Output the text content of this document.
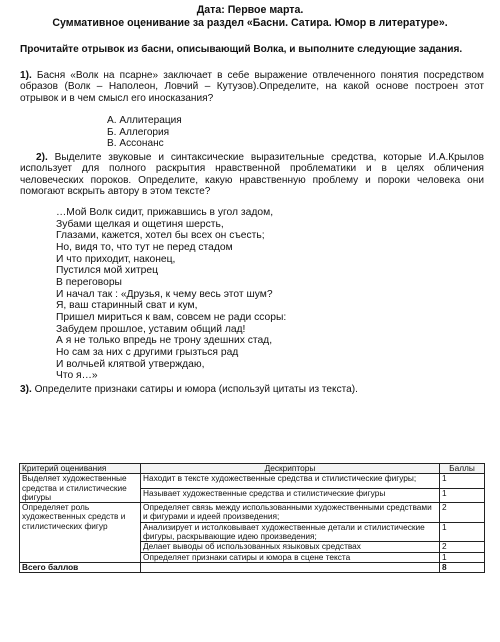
Дата: Первое марта.
Суммативное оценивание за раздел «Басни. Сатира. Юмор в литературе».
Прочитайте отрывок из басни, описывающий Волка, и выполните следующие задания.
1). Басня «Волк на псарне» заключает в себе выражение отвлеченного понятия посредством образов (Волк – Наполеон, Ловчий – Кутузов).Определите, на какой основе построен этот отрывок и в чем смысл его иносказания?
А. Аллитерация
Б. Аллегория
В. Ассонанс
2). Выделите звуковые и синтаксические выразительные средства, которые И.А.Крылов использует для полного раскрытия нравственной проблематики и в целях обличения человеческих пороков. Определите, какую нравственную проблему и пороки человека они помогают вскрыть автору в этом тексте?
…Мой Волк сидит, прижавшись в угол задом,
Зубами щелкая и ощетиня шерсть,
Глазами, кажется, хотел бы всех он съесть;
Но, видя то, что тут не перед стадом
И что приходит, наконец,
Пустился мой хитрец
В переговоры
И начал так : «Друзья, к чему весь этот шум?
Я, ваш старинный сват и кум,
Пришел мириться к вам, совсем не ради ссоры:
Забудем прошлое, уставим общий лад!
А я не только впредь не трону здешних стад,
Но сам за них с другими грызться рад
И волчьей клятвой утверждаю,
Что я…»
3). Определите признаки сатиры и юмора (используй цитаты из текста).
Критерий оценивания	Дескрипторы	Баллы
Выделяет художественные средства и стилистические фигуры	Находит в тексте художественные средства и стилистические фигуры;	1
	Называет художественные средства и стилистические фигуры	1
Определяет роль художественных средств и стилистических фигур	Определяет связь между использованными художественными средствами и фигурами и идеей произведения;	2
	Анализирует и истолковывает художественные детали и стилистические фигуры, раскрывающие идею произведения;	1
	Делает выводы об использованных языковых средствах	2
	Определяет признаки сатиры и юмора в сцене текста	1
Всего баллов		8
